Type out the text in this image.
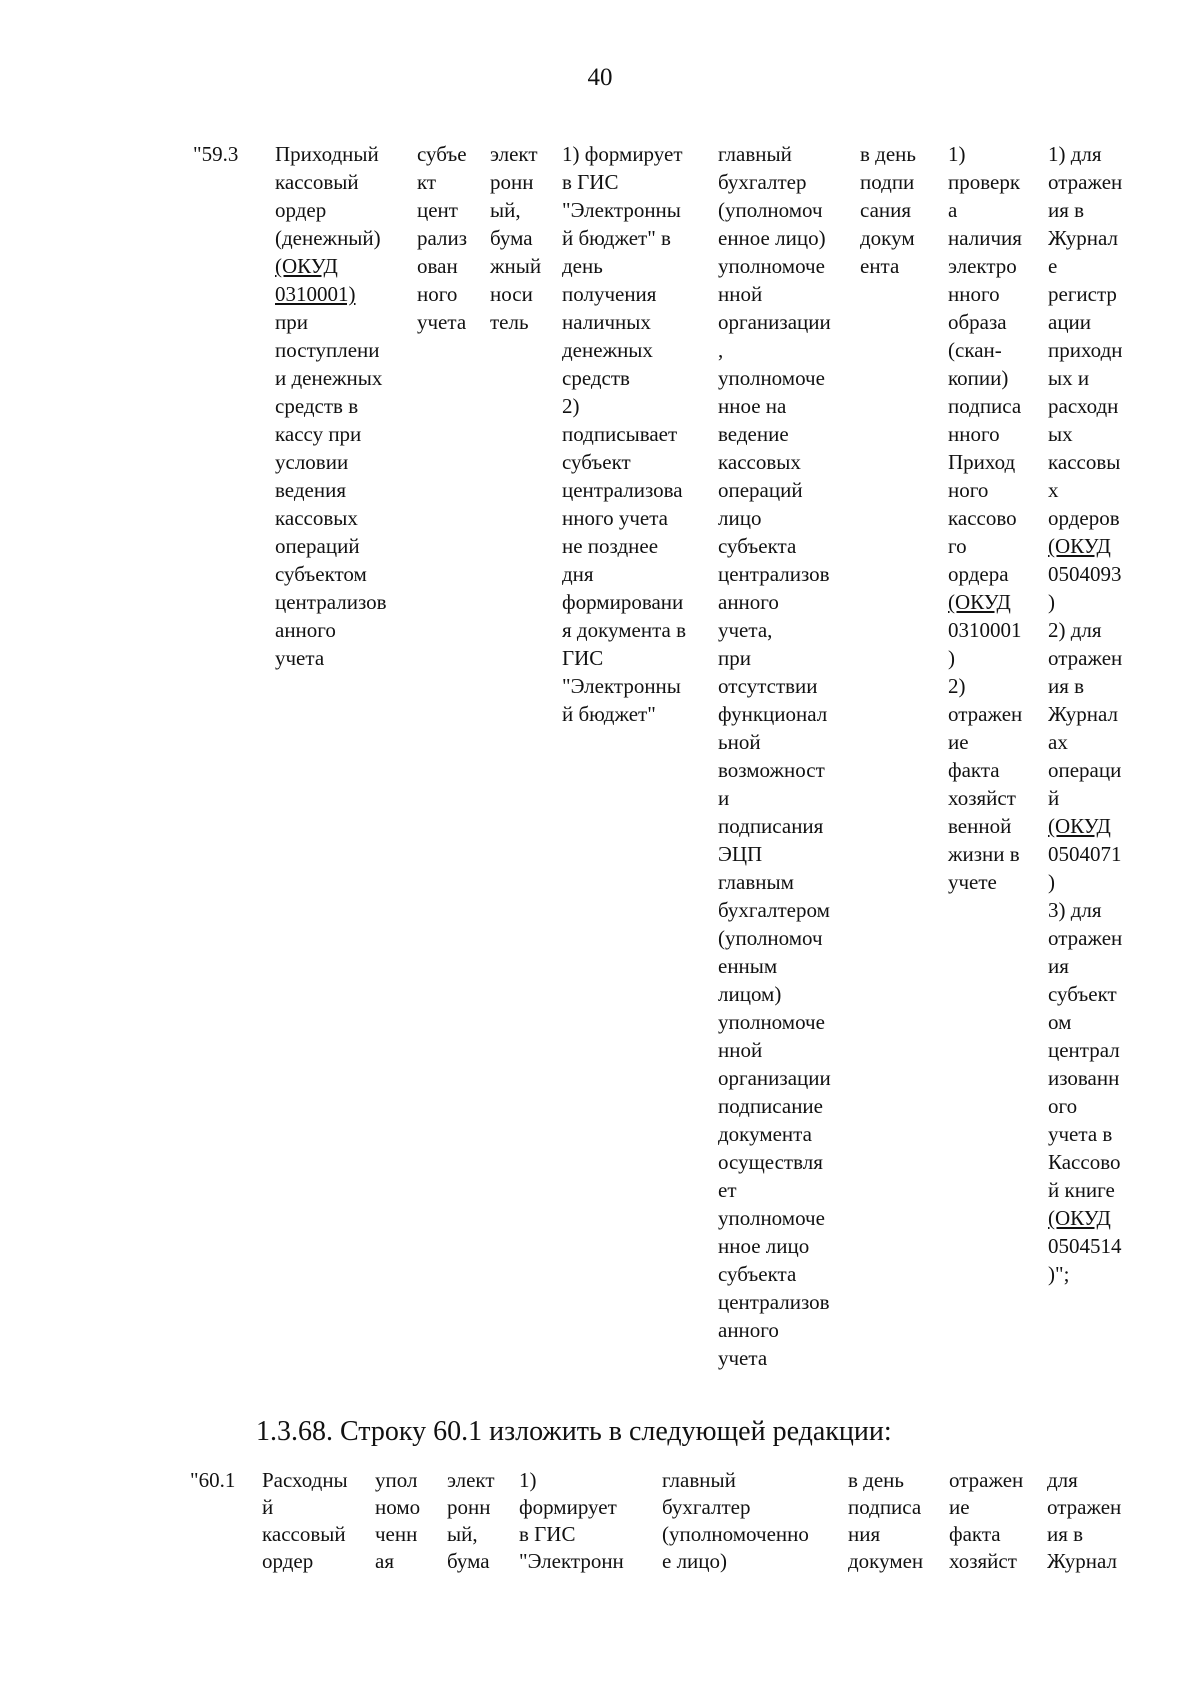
40
"59.3 Приходный
кассовый
ордер
(денежный)
(ОКУД
0310001)
при
поступлени
и денежных
средств в
кассу при
условии
ведения
кассовых
операций
субъектом
централизов
анного
учета
субъе
кт
цент
рализ
ован
ного
учета
элект
ронн
ый,
бума
жный
носи
тель
1) формирует
в ГИС
"Электронны
й бюджет" в
день
получения
наличных
денежных
средств
2)
подписывает
субъект
централизова
нного учета
не позднее
дня
формировани
я документа в
ГИС
"Электронны
й бюджет"
главный
бухгалтер
(уполномоч
енное лицо)
уполномоче
нной
организации
,
уполномоче
нное на
ведение
кассовых
операций
лицо
субъекта
централизов
анного
учета,
при
отсутствии
функционал
ьной
возможност
и
подписания
ЭЦП
главным
бухгалтером
(уполномоч
енным
лицом)
уполномоче
нной
организации
подписание
документа
осуществля
ет
уполномоче
нное лицо
субъекта
централизов
анного
учета
в день
подпи
сания
докум
ента
1)
проверк
а
наличия
электро
нного
образа
(скан-
копии)
подписа
нного
Приход
ного
кассово
го
ордера
(ОКУД
0310001
)
2)
отражен
ие
факта
хозяйст
венной
жизни в
учете
1) для
отражен
ия в
Журнал
е
регистр
ации
приходн
ых и
расходн
ых
кассовы
х
ордеров
(ОКУД
0504093
)
2) для
отражен
ия в
Журнал
ах
операци
й
(ОКУД
0504071
)
3) для
отражен
ия
субъект
ом
централ
изованн
ого
учета в
Кассово
й книге
(ОКУД
0504514
)";
1.3.68. Строку 60.1 изложить в следующей редакции:
"60.1 Расходны
й
кассовый
ордер
упол
номо
ченн
ая
элект
ронн
ый,
бума
1)
формирует
в ГИС
"Электронн
главный
бухгалтер
(уполномоченно
е лицо)
в день
подписа
ния
докумен
отражен
ие
факта
хозяйст
для
отражен
ия в
Журнал
